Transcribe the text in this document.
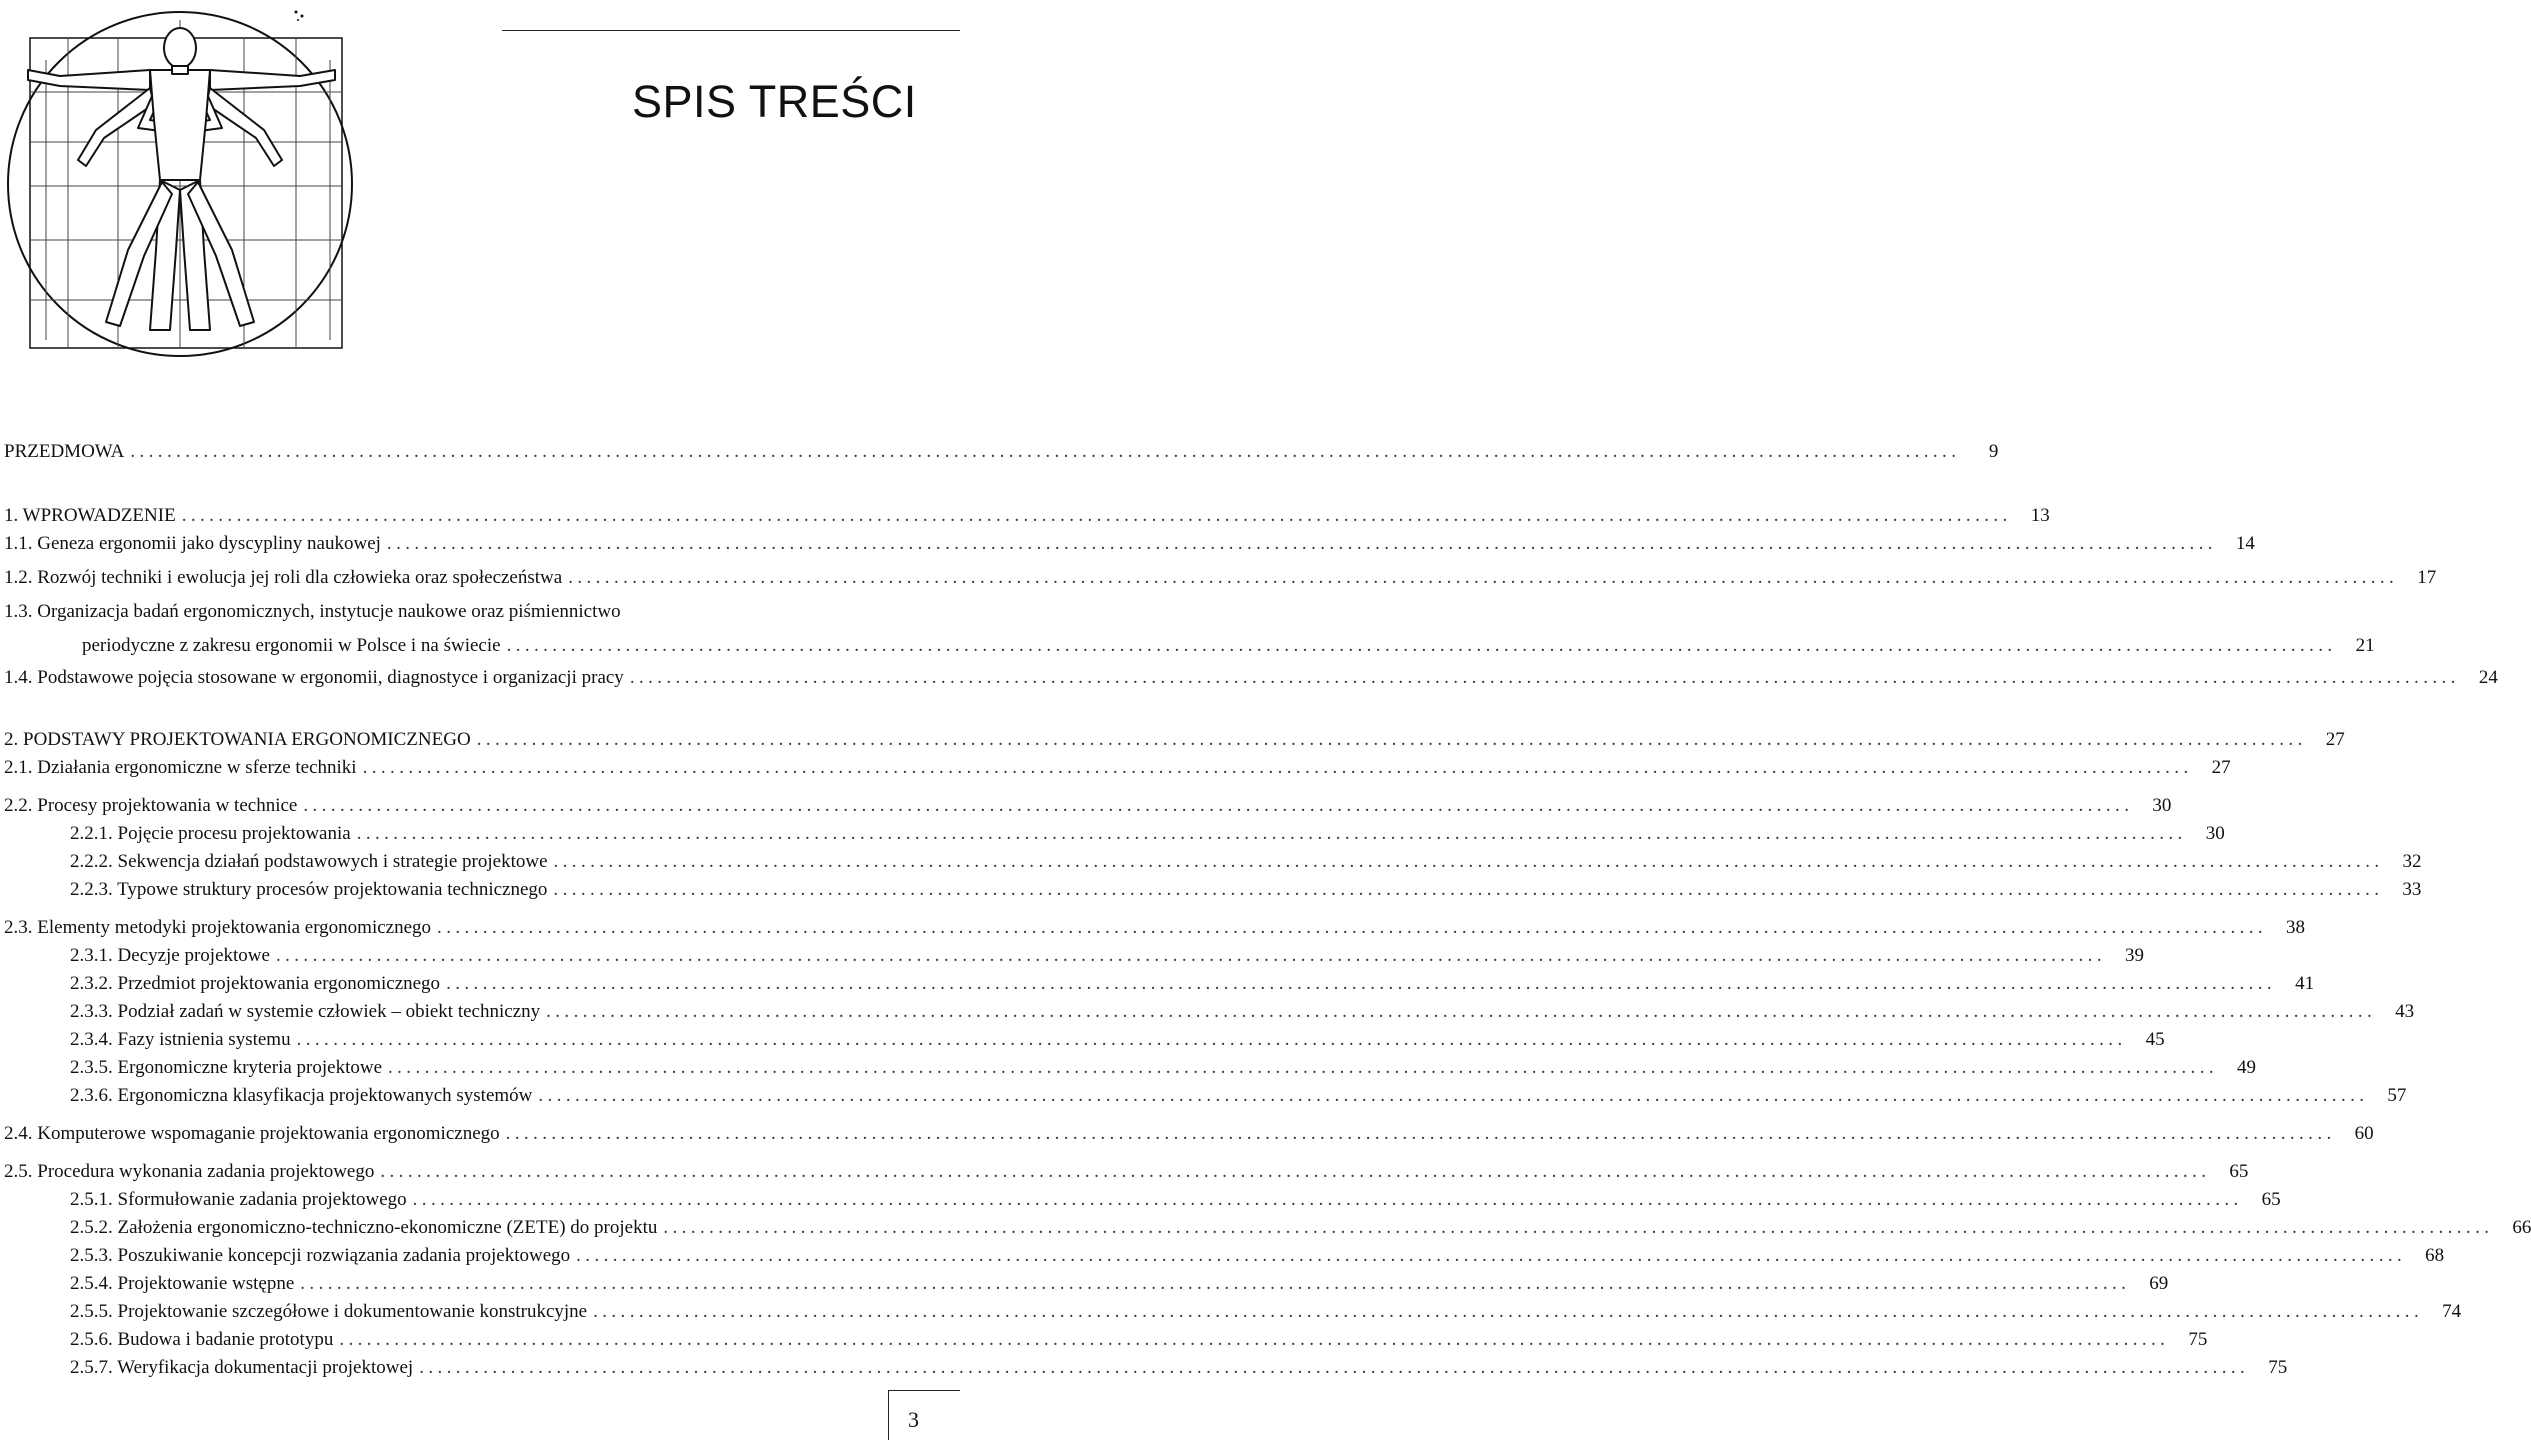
SPIS TREŚCI
PRZEDMOWA ........................................................................................................................................................................................................	9
1. WPROWADZENIE ........................................................................................................................................................................................................	13
1.1. Geneza ergonomii jako dyscypliny naukowej ........................................................................................................................................................................................................	14
1.2. Rozwój techniki i ewolucja jej roli dla człowieka oraz społeczeństwa ........................................................................................................................................................................................................	17
1.3. Organizacja badań ergonomicznych, instytucje naukowe oraz piśmiennictwo
periodyczne z zakresu ergonomii w Polsce i na świecie ........................................................................................................................................................................................................	21
1.4. Podstawowe pojęcia stosowane w ergonomii, diagnostyce i organizacji pracy ........................................................................................................................................................................................................	24
2. PODSTAWY PROJEKTOWANIA ERGONOMICZNEGO ........................................................................................................................................................................................................	27
2.1. Działania ergonomiczne w sferze techniki ........................................................................................................................................................................................................	27
2.2. Procesy projektowania w technice ........................................................................................................................................................................................................	30
2.2.1. Pojęcie procesu projektowania ........................................................................................................................................................................................................	30
2.2.2. Sekwencja działań podstawowych i strategie projektowe ........................................................................................................................................................................................................	32
2.2.3. Typowe struktury procesów projektowania technicznego ........................................................................................................................................................................................................	33
2.3. Elementy metodyki projektowania ergonomicznego ........................................................................................................................................................................................................	38
2.3.1. Decyzje projektowe ........................................................................................................................................................................................................	39
2.3.2. Przedmiot projektowania ergonomicznego ........................................................................................................................................................................................................	41
2.3.3. Podział zadań w systemie człowiek – obiekt techniczny ........................................................................................................................................................................................................	43
2.3.4. Fazy istnienia systemu ........................................................................................................................................................................................................	45
2.3.5. Ergonomiczne kryteria projektowe ........................................................................................................................................................................................................	49
2.3.6. Ergonomiczna klasyfikacja projektowanych systemów ........................................................................................................................................................................................................	57
2.4. Komputerowe wspomaganie projektowania ergonomicznego ........................................................................................................................................................................................................	60
2.5. Procedura wykonania zadania projektowego ........................................................................................................................................................................................................	65
2.5.1. Sformułowanie zadania projektowego ........................................................................................................................................................................................................	65
2.5.2. Założenia ergonomiczno-techniczno-ekonomiczne (ZETE) do projektu ........................................................................................................................................................................................................	66
2.5.3. Poszukiwanie koncepcji rozwiązania zadania projektowego ........................................................................................................................................................................................................	68
2.5.4. Projektowanie wstępne ........................................................................................................................................................................................................	69
2.5.5. Projektowanie szczegółowe i dokumentowanie konstrukcyjne ........................................................................................................................................................................................................	74
2.5.6. Budowa i badanie prototypu ........................................................................................................................................................................................................	75
2.5.7. Weryfikacja dokumentacji projektowej ........................................................................................................................................................................................................	75
3
